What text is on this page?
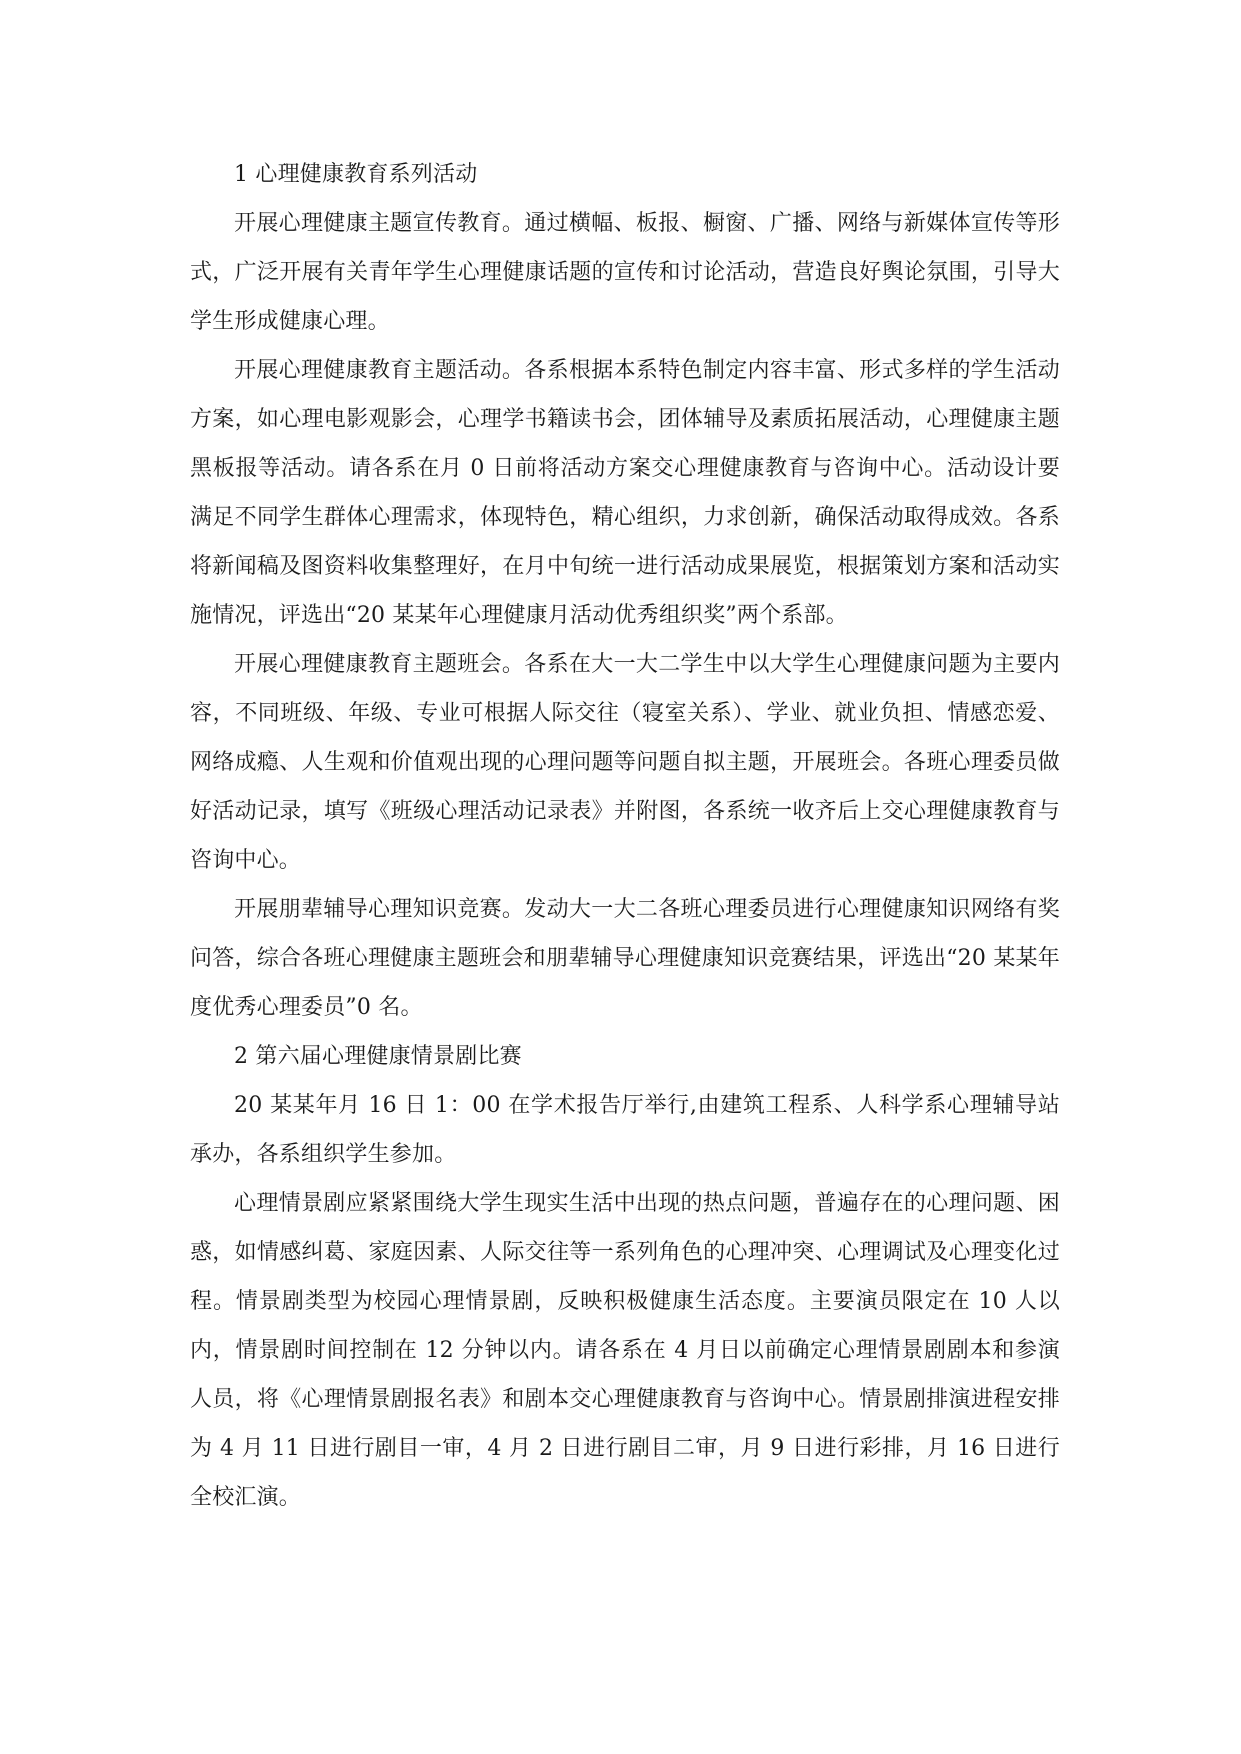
1 心理健康教育系列活动

开展心理健康主题宣传教育。通过横幅、板报、橱窗、广播、网络与新媒体宣传等形式，广泛开展有关青年学生心理健康话题的宣传和讨论活动，营造良好舆论氛围，引导大学生形成健康心理。

开展心理健康教育主题活动。各系根据本系特色制定内容丰富、形式多样的学生活动方案，如心理电影观影会，心理学书籍读书会，团体辅导及素质拓展活动，心理健康主题黑板报等活动。请各系在月 0 日前将活动方案交心理健康教育与咨询中心。活动设计要满足不同学生群体心理需求，体现特色，精心组织，力求创新，确保活动取得成效。各系将新闻稿及图资料收集整理好，在月中旬统一进行活动成果展览，根据策划方案和活动实施情况，评选出“20 某某年心理健康月活动优秀组织奖”两个系部。

开展心理健康教育主题班会。各系在大一大二学生中以大学生心理健康问题为主要内容，不同班级、年级、专业可根据人际交往（寝室关系）、学业、就业负担、情感恋爱、网络成瘾、人生观和价值观出现的心理问题等问题自拟主题，开展班会。各班心理委员做好活动记录，填写《班级心理活动记录表》并附图，各系统一收齐后上交心理健康教育与咨询中心。

开展朋辈辅导心理知识竞赛。发动大一大二各班心理委员进行心理健康知识网络有奖问答，综合各班心理健康主题班会和朋辈辅导心理健康知识竞赛结果，评选出“20 某某年度优秀心理委员”0 名。

2 第六届心理健康情景剧比赛

20 某某年月 16 日 1：00 在学术报告厅举行,由建筑工程系、人科学系心理辅导站承办，各系组织学生参加。

心理情景剧应紧紧围绕大学生现实生活中出现的热点问题，普遍存在的心理问题、困惑，如情感纠葛、家庭因素、人际交往等一系列角色的心理冲突、心理调试及心理变化过程。情景剧类型为校园心理情景剧，反映积极健康生活态度。主要演员限定在 10 人以内，情景剧时间控制在 12 分钟以内。请各系在 4 月日以前确定心理情景剧剧本和参演人员，将《心理情景剧报名表》和剧本交心理健康教育与咨询中心。情景剧排演进程安排为 4 月 11 日进行剧目一审，4 月 2 日进行剧目二审，月 9 日进行彩排，月 16 日进行全校汇演。
